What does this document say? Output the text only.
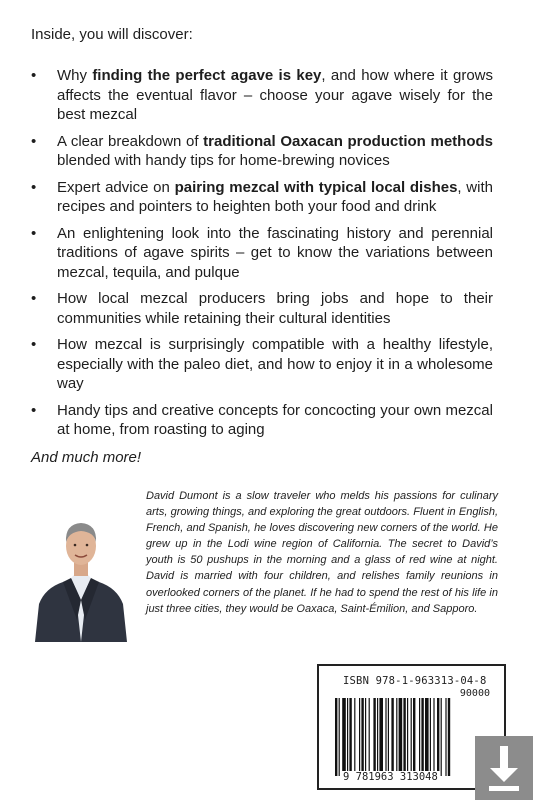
Inside, you will discover:

• Why finding the perfect agave is key, and how where it grows affects the eventual flavor – choose your agave wisely for the best mezcal
• A clear breakdown of traditional Oaxacan production methods blended with handy tips for home-brewing novices
• Expert advice on pairing mezcal with typical local dishes, with recipes and pointers to heighten both your food and drink
• An enlightening look into the fascinating history and perennial traditions of agave spirits – get to know the variations between mezcal, tequila, and pulque
• How local mezcal producers bring jobs and hope to their communities while retaining their cultural identities
• How mezcal is surprisingly compatible with a healthy lifestyle, especially with the paleo diet, and how to enjoy it in a wholesome way
• Handy tips and creative concepts for concocting your own mezcal at home, from roasting to aging

And much more!

David Dumont is a slow traveler who melds his passions for culinary arts, growing things, and exploring the great outdoors. Fluent in English, French, and Spanish, he loves discovering new corners of the world. He grew up in the Lodi wine region of California. The secret to David’s youth is 50 pushups in the morning and a glass of red wine at night. David is married with four children, and relishes family reunions in overlooked corners of the planet. If he had to spend the rest of his life in just three cities, they would be Oaxaca, Saint-Émilion, and Sapporo.

ISBN 978-1-963313-04-8

90000

9 781963 313048
